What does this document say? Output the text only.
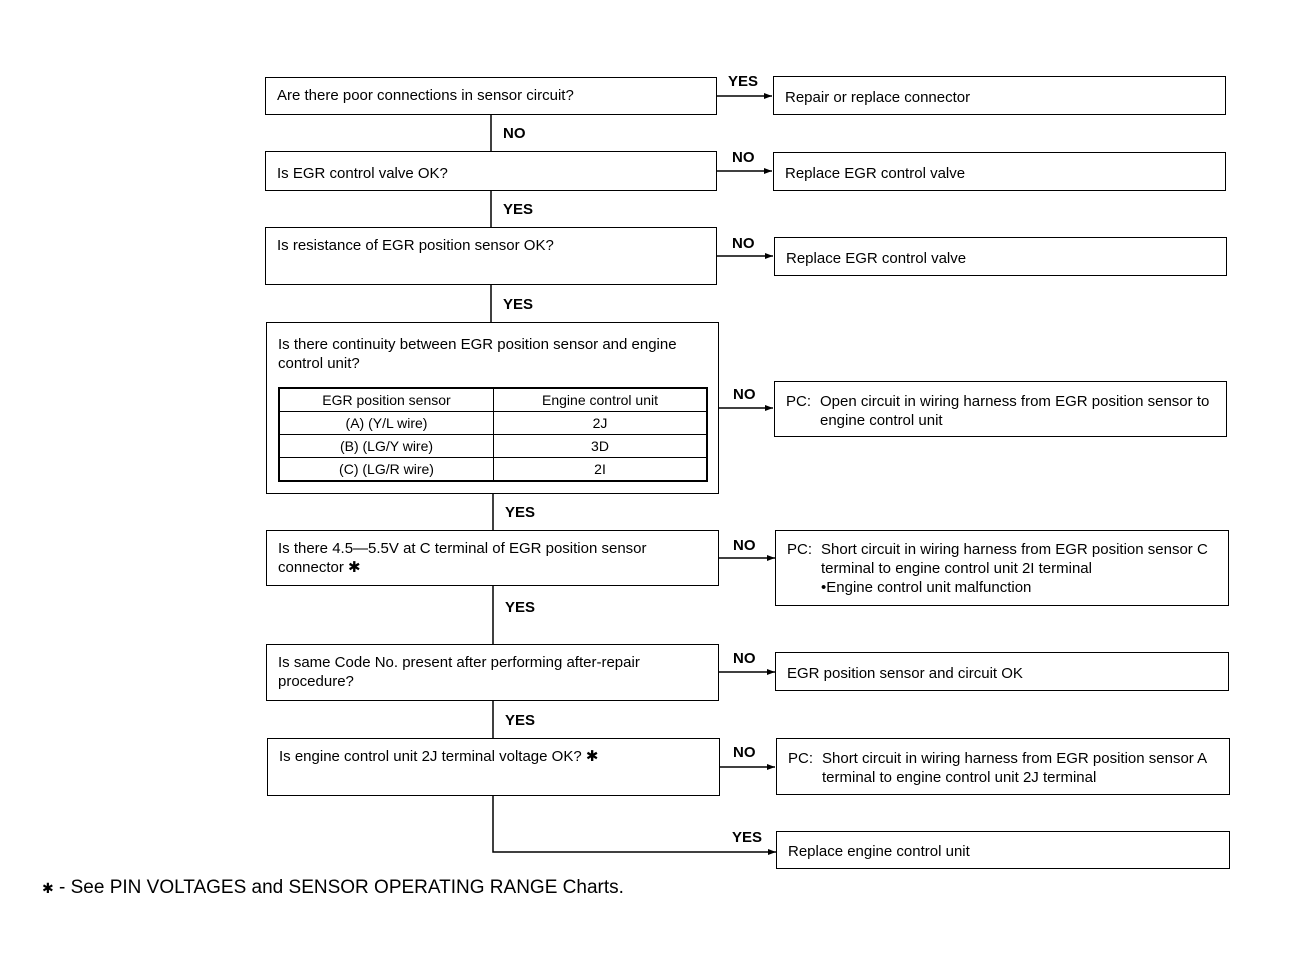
Are there poor connections in sensor circuit?

YES

Repair or replace connector

NO

Is EGR control valve OK?

NO

Replace EGR control valve

YES

Is resistance of EGR position sensor OK?	NO

Replace EGR control valve

YES

Is there continuity between EGR position sensor and engine control unit?

EGR position sensor	Engine control unit
(A) (Y/L wire)	2J
(B) (LG/Y wire)	3D
(C) (LG/R wire)	2I
NO PC: Open circuit in wiring harness from EGR position sensor to engine control unit

YES

Is there 4.5—5.5V at C terminal of EGR position sensor connector ✱

NO PC: Short circuit in wiring harness from EGR position sensor C terminal to engine control unit 2I terminal

•Engine control unit malfunction

YES

Is same Code No. present after performing after-repair procedure?

NO

EGR position sensor and circuit OK

YES

Is engine control unit 2J terminal voltage OK? ✱	NO PC: Short circuit in wiring harness from EGR position sensor A terminal to engine control unit 2J terminal

YES

Replace engine control unit

✱ - See PIN VOLTAGES and SENSOR OPERATING RANGE Charts.
